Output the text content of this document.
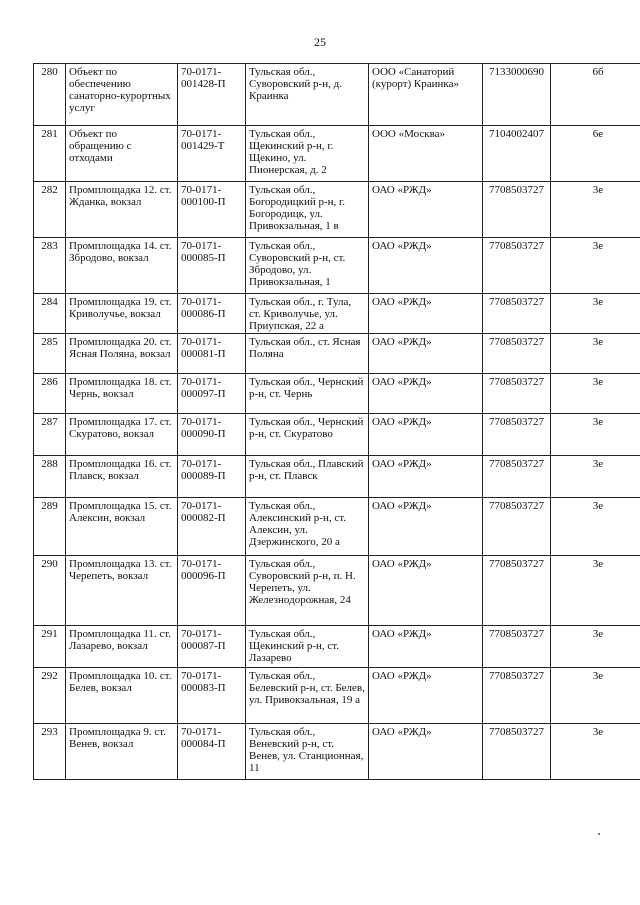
25
280	Объект по обеспечению санаторно-курортных услуг	70-0171-001428-П	Тульская обл., Суворовский р-н, д. Краинка	ООО «Санаторий (курорт) Краинка»	7133000690	6б
281	Объект по обращению с отходами	70-0171-001429-Т	Тульская обл., Щекинский р-н, г. Щекино, ул. Пионерская, д. 2	ООО «Москва»	7104002407	6е
282	Промплощадка 12. ст. Жданка, вокзал	70-0171-000100-П	Тульская обл., Богородицкий р-н, г. Богородицк, ул. Привокзальная, 1 в	ОАО «РЖД»	7708503727	3е
283	Промплощадка 14. ст. Збродово, вокзал	70-0171-000085-П	Тульская обл., Суворовский р-н, ст. Збродово, ул. Привокзальная, 1	ОАО «РЖД»	7708503727	3е
284	Промплощадка 19. ст. Криволучье, вокзал	70-0171-000086-П	Тульская обл., г. Тула, ст. Криволучье, ул. Приупская, 22 а	ОАО «РЖД»	7708503727	3е
285	Промплощадка 20. ст. Ясная Поляна, вокзал	70-0171-000081-П	Тульская обл., ст. Ясная Поляна	ОАО «РЖД»	7708503727	3е
286	Промплощадка 18. ст. Чернь, вокзал	70-0171-000097-П	Тульская обл., Чернский р-н, ст. Чернь	ОАО «РЖД»	7708503727	3е
287	Промплощадка 17. ст. Скуратово, вокзал	70-0171-000090-П	Тульская обл., Чернский р-н, ст. Скуратово	ОАО «РЖД»	7708503727	3е
288	Промплощадка 16. ст. Плавск, вокзал	70-0171-000089-П	Тульская обл., Плавский р-н, ст. Плавск	ОАО «РЖД»	7708503727	3е
289	Промплощадка 15. ст. Алексин, вокзал	70-0171-000082-П	Тульская обл., Алексинский р-н, ст. Алексин, ул. Дзержинского, 20 а	ОАО «РЖД»	7708503727	3е
290	Промплощадка 13. ст. Черепеть, вокзал	70-0171-000096-П	Тульская обл., Суворовский р-н, п. Н. Черепеть, ул. Железнодорожная, 24	ОАО «РЖД»	7708503727	3е
291	Промплощадка 11. ст. Лазарево, вокзал	70-0171-000087-П	Тульская обл., Щекинский р-н, ст. Лазарево	ОАО «РЖД»	7708503727	3е
292	Промплощадка 10. ст. Белев, вокзал	70-0171-000083-П	Тульская обл., Белевский р-н, ст. Белев, ул. Привокзальная, 19 а	ОАО «РЖД»	7708503727	3е
293	Промплощадка 9. ст. Венев, вокзал	70-0171-000084-П	Тульская обл., Веневский р-н, ст. Венев, ул. Станционная, 11	ОАО «РЖД»	7708503727	3е
